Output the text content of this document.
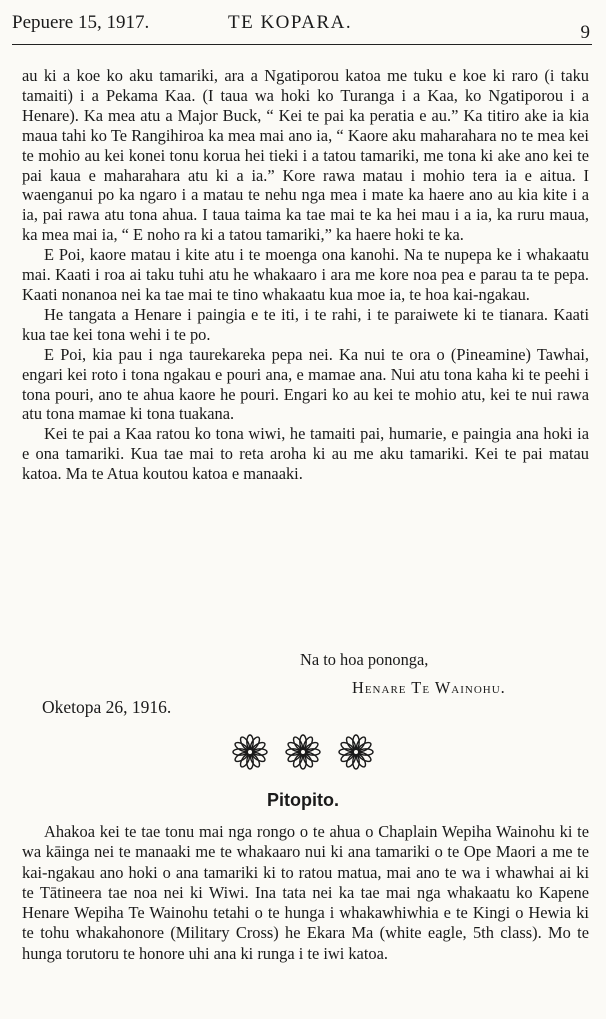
Pepuere 15, 1917.	TE KOPARA.	9

au ki a koe ko aku tamariki, ara a Ngatiporou katoa me tuku e koe ki raro (i taku tamaiti) i a Pekama Kaa. (I taua wa hoki ko Turanga i a Kaa, ko Ngatiporou i a Henare). Ka mea atu a Major Buck, “ Kei te pai ka peratia e au.” Ka titiro ake ia kia maua tahi ko Te Rangihiroa ka mea mai ano ia, “ Kaore aku maharahara no te mea kei te mohio au kei konei tonu korua hei tieki i a tatou tamariki, me tona ki ake ano kei te pai kaua e maharahara atu ki a ia.” Kore rawa matau i mohio tera ia e aitua. I waenganui po ka ngaro i a matau te nehu nga mea i mate ka haere ano au kia kite i a ia, pai rawa atu tona ahua. I taua taima ka tae mai te ka hei mau i a ia, ka ruru maua, ka mea mai ia, “ E noho ra ki a tatou tamariki,” ka haere hoki te ka.

E Poi, kaore matau i kite atu i te moenga ona kanohi. Na te nupepa ke i whakaatu mai. Kaati i roa ai taku tuhi atu he whakaaro i ara me kore noa pea e parau ta te pepa. Kaati nonanoa nei ka tae mai te tino whakaatu kua moe ia, te hoa kai-ngakau.

He tangata a Henare i paingia e te iti, i te rahi, i te paraiwete ki te tianara. Kaati kua tae kei tona wehi i te po.

E Poi, kia pau i nga taurekareka pepa nei. Ka nui te ora o (Pineamine) Tawhai, engari kei roto i tona ngakau e pouri ana, e mamae ana. Nui atu tona kaha ki te peehi i tona pouri, ano te ahua kaore he pouri. Engari ko au kei te mohio atu, kei te nui rawa atu tona mamae ki tona tuakana.

Kei te pai a Kaa ratou ko tona wiwi, he tamaiti pai, humarie, e paingia ana hoki ia e ona tamariki. Kua tae mai to reta aroha ki au me aku tamariki. Kei te pai matau katoa. Ma te Atua koutou katoa e manaaki.

Na to hoa pononga,
Henare Te Wainohu.
Oketopa 26, 1916.
Pitopito.

Ahakoa kei te tae tonu mai nga rongo o te ahua o Chaplain Wepiha Wainohu ki te wa kāinga nei te manaaki me te whakaaro nui ki ana tamariki o te Ope Maori a me te kai-ngakau ano hoki o ana tamariki ki to ratou matua, mai ano te wa i whawhai ai ki te Tātineera tae noa nei ki Wiwi. Ina tata nei ka tae mai nga whakaatu ko Kapene Henare Wepiha Te Wainohu tetahi o te hunga i whakawhiwhia e te Kingi o Hewia ki te tohu whakahonore (Military Cross) he Ekara Ma (white eagle, 5th class). Mo te hunga torutoru te honore uhi ana ki runga i te iwi katoa.
